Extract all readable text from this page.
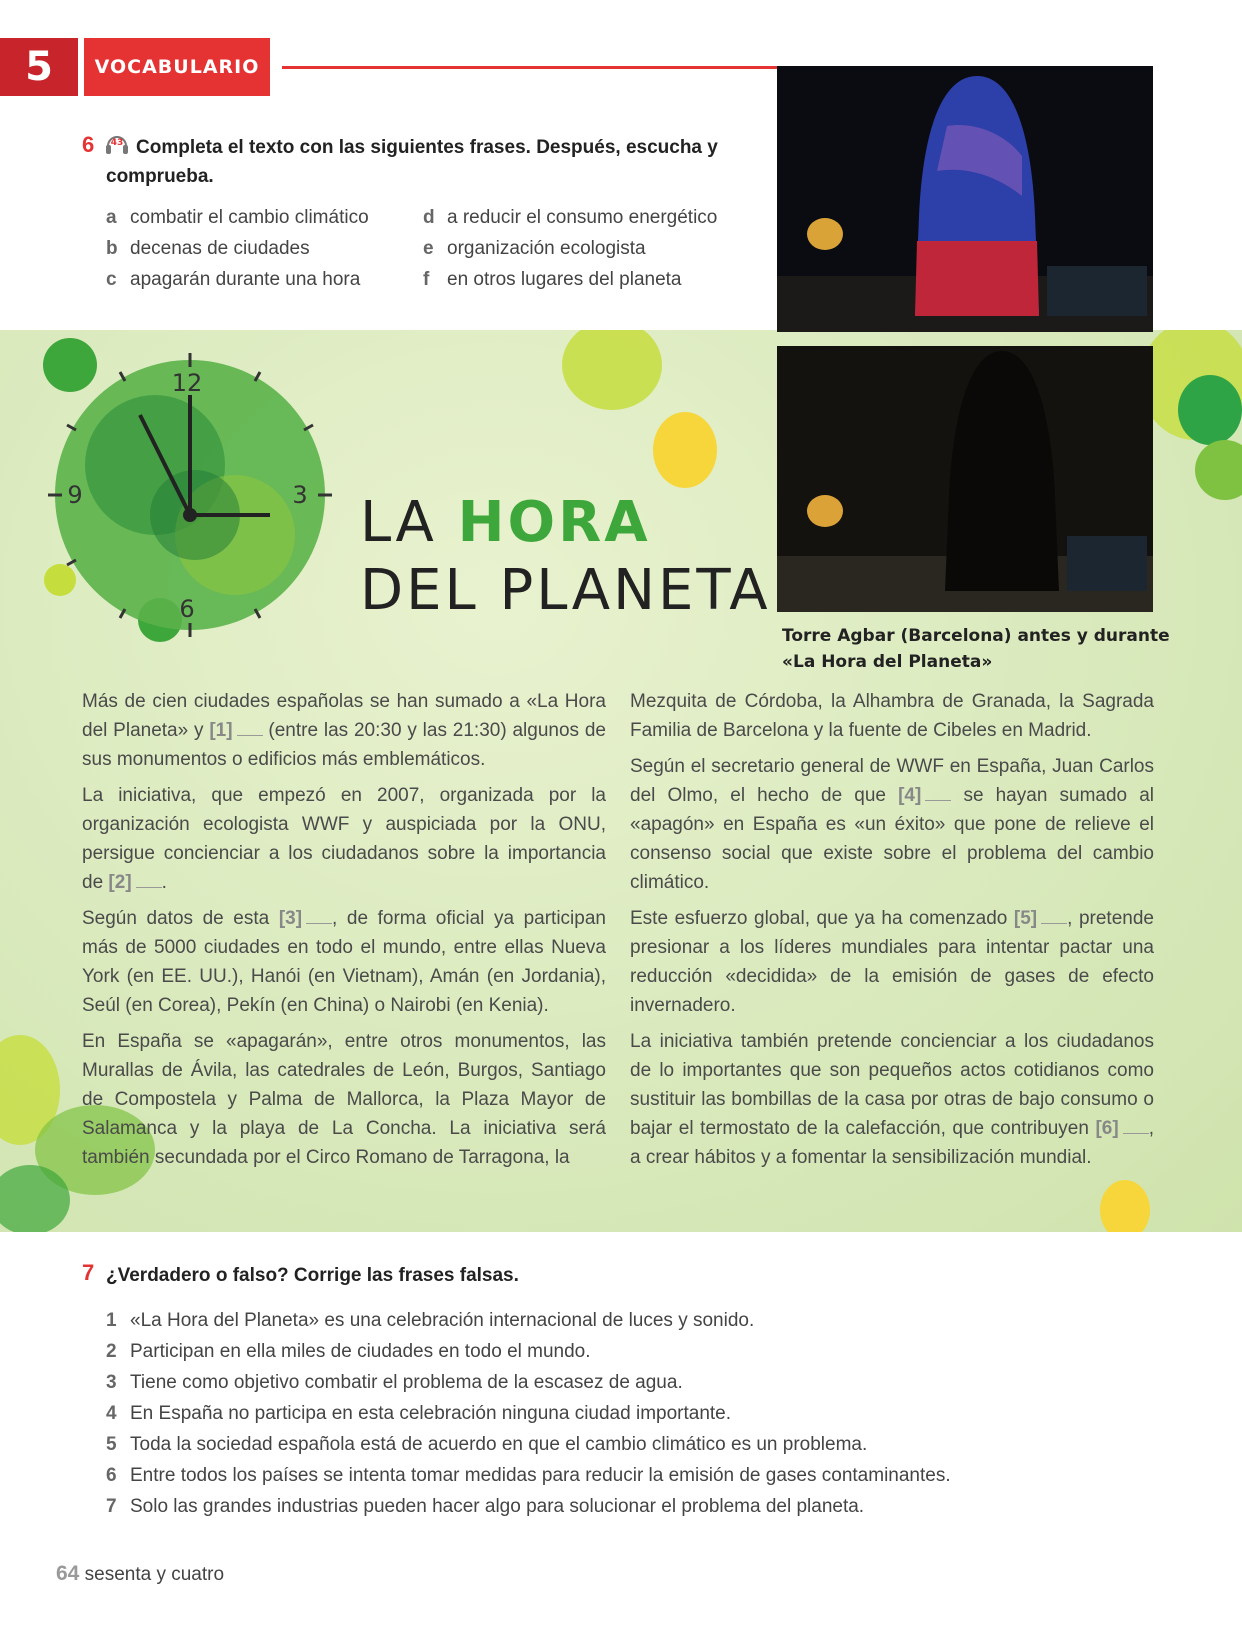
5	VOCABULARIO
6 43 Completa el texto con las siguientes frases. Después, escucha y comprueba.
a combatir el cambio climático
b decenas de ciudades
c apagarán durante una hora
d a reducir el consumo energético
e organización ecologista
f en otros lugares del planeta
12
3
6
9	LA HORA
DEL PLANETA
Torre Agbar (Barcelona) antes y durante «La Hora del Planeta»

Más de cien ciudades españolas se han sumado a «La Hora del Planeta» y [1] (entre las 20:30 y las 21:30) algunos de sus monumentos o edificios más emblemáticos.

La iniciativa, que empezó en 2007, organizada por la organización ecologista WWF y auspiciada por la ONU, persigue concienciar a los ciudadanos sobre la importancia de [2] .

Según datos de esta [3] , de forma oficial ya participan más de 5000 ciudades en todo el mundo, entre ellas Nueva York (en EE. UU.), Hanói (en Vietnam), Amán (en Jordania), Seúl (en Corea), Pekín (en China) o Nairobi (en Kenia).

En España se «apagarán», entre otros monumentos, las Murallas de Ávila, las catedrales de León, Burgos, Santiago de Compostela y Palma de Mallorca, la Plaza Mayor de Salamanca y la playa de La Concha. La iniciativa será también secundada por el Circo Romano de Tarragona, la

Mezquita de Córdoba, la Alhambra de Granada, la Sagrada Familia de Barcelona y la fuente de Cibeles en Madrid.

Según el secretario general de WWF en España, Juan Carlos del Olmo, el hecho de que [4] se hayan sumado al «apagón» en España es «un éxito» que pone de relieve el consenso social que existe sobre el problema del cambio climático.

Este esfuerzo global, que ya ha comenzado [5] , pretende presionar a los líderes mundiales para intentar pactar una reducción «decidida» de la emisión de gases de efecto invernadero.

La iniciativa también pretende concienciar a los ciudadanos de lo importantes que son pequeños actos cotidianos como sustituir las bombillas de la casa por otras de bajo consumo o bajar el termostato de la calefacción, que contribuyen [6] , a crear hábitos y a fomentar la sensibilización mundial.

7 ¿Verdadero o falso? Corrige las frases falsas.
1 «La Hora del Planeta» es una celebración internacional de luces y sonido.
2 Participan en ella miles de ciudades en todo el mundo.
3 Tiene como objetivo combatir el problema de la escasez de agua.
4 En España no participa en esta celebración ninguna ciudad importante.
5 Toda la sociedad española está de acuerdo en que el cambio climático es un problema.
6 Entre todos los países se intenta tomar medidas para reducir la emisión de gases contaminantes.
7 Solo las grandes industrias pueden hacer algo para solucionar el problema del planeta.
64 sesenta y cuatro
